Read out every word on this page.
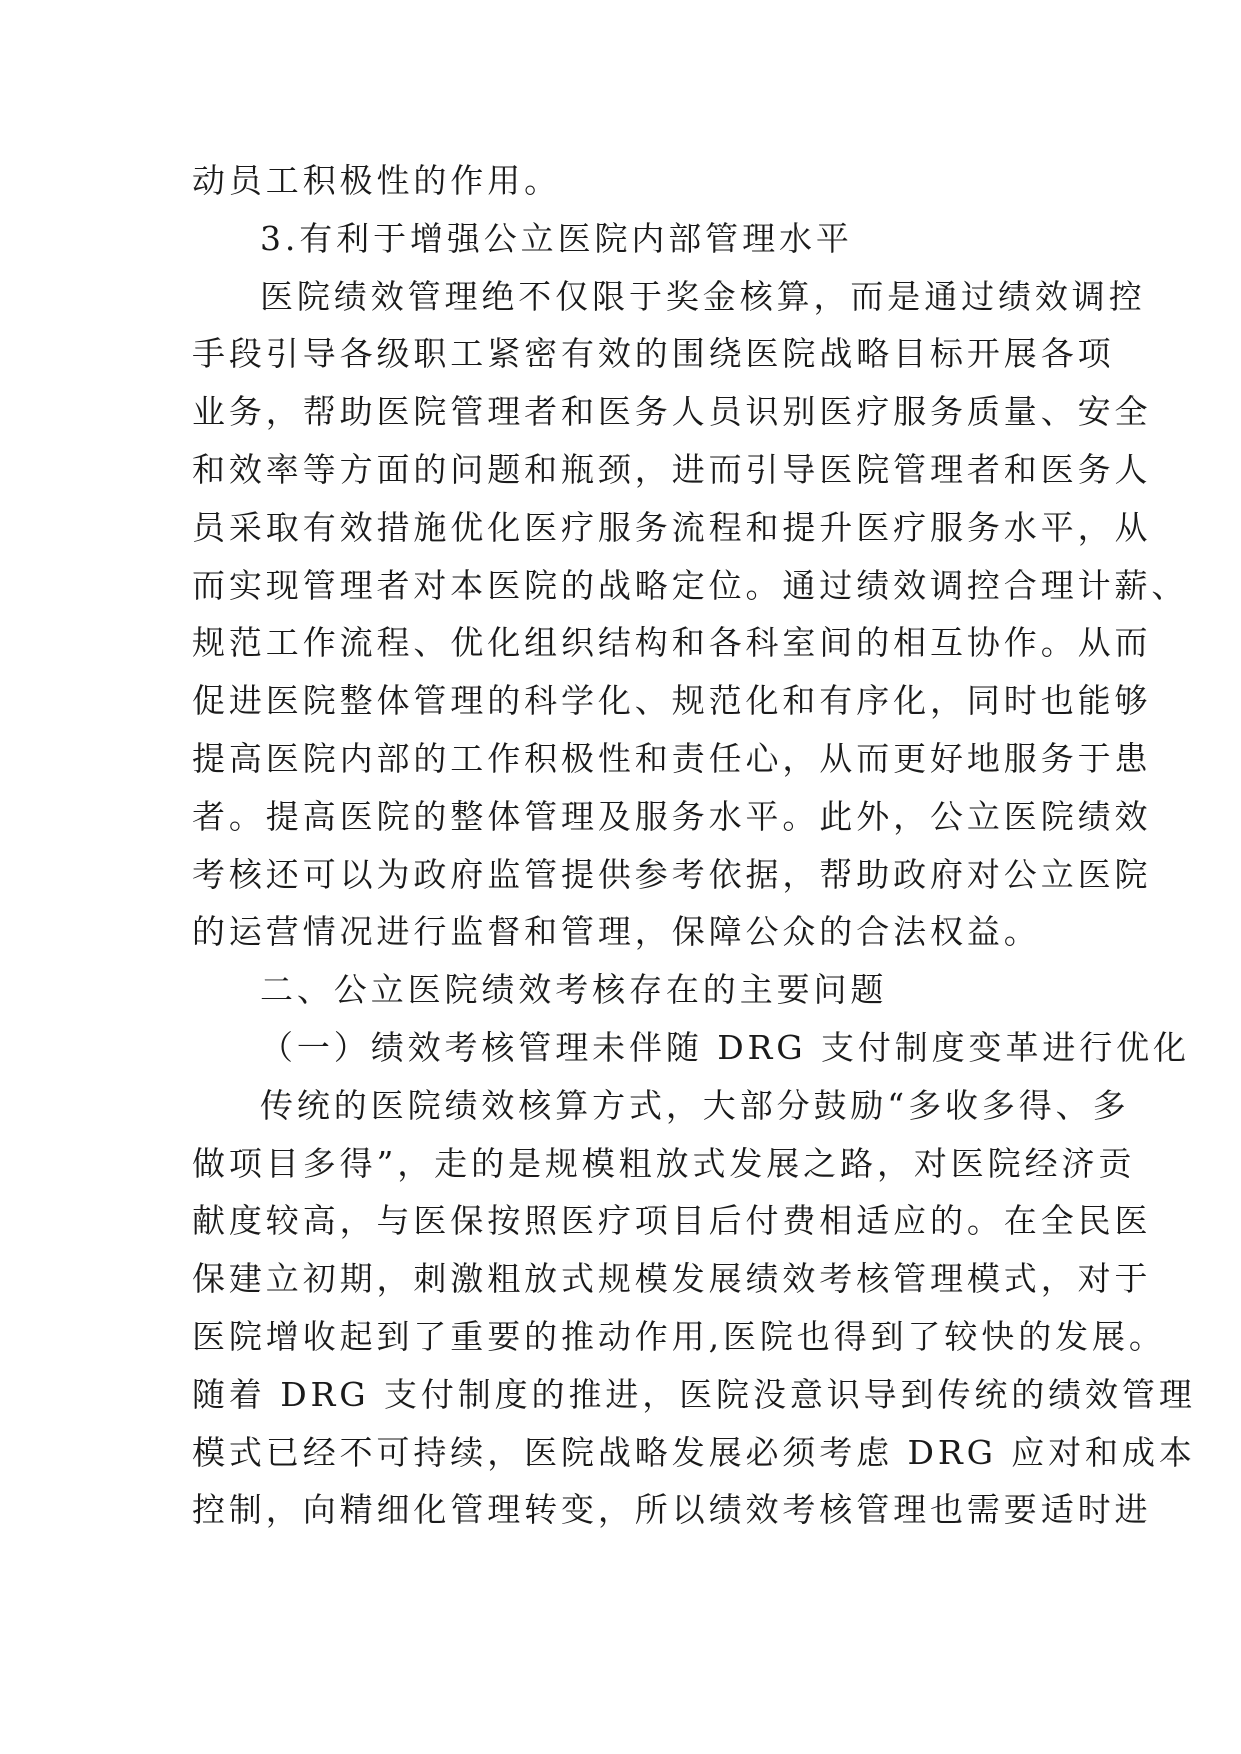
动员工积极性的作用。
3.有利于增强公立医院内部管理水平
医院绩效管理绝不仅限于奖金核算，而是通过绩效调控
手段引导各级职工紧密有效的围绕医院战略目标开展各项
业务，帮助医院管理者和医务人员识别医疗服务质量、安全
和效率等方面的问题和瓶颈，进而引导医院管理者和医务人
员采取有效措施优化医疗服务流程和提升医疗服务水平，从
而实现管理者对本医院的战略定位。通过绩效调控合理计薪、
规范工作流程、优化组织结构和各科室间的相互协作。从而
促进医院整体管理的科学化、规范化和有序化，同时也能够
提高医院内部的工作积极性和责任心，从而更好地服务于患
者。提高医院的整体管理及服务水平。此外，公立医院绩效
考核还可以为政府监管提供参考依据，帮助政府对公立医院
的运营情况进行监督和管理，保障公众的合法权益。
二、公立医院绩效考核存在的主要问题
（一）绩效考核管理未伴随 DRG 支付制度变革进行优化
传统的医院绩效核算方式，大部分鼓励“多收多得、多
做项目多得”，走的是规模粗放式发展之路，对医院经济贡
献度较高，与医保按照医疗项目后付费相适应的。在全民医
保建立初期，刺激粗放式规模发展绩效考核管理模式，对于
医院增收起到了重要的推动作用,医院也得到了较快的发展。
随着 DRG 支付制度的推进，医院没意识导到传统的绩效管理
模式已经不可持续，医院战略发展必须考虑 DRG 应对和成本
控制，向精细化管理转变，所以绩效考核管理也需要适时进
